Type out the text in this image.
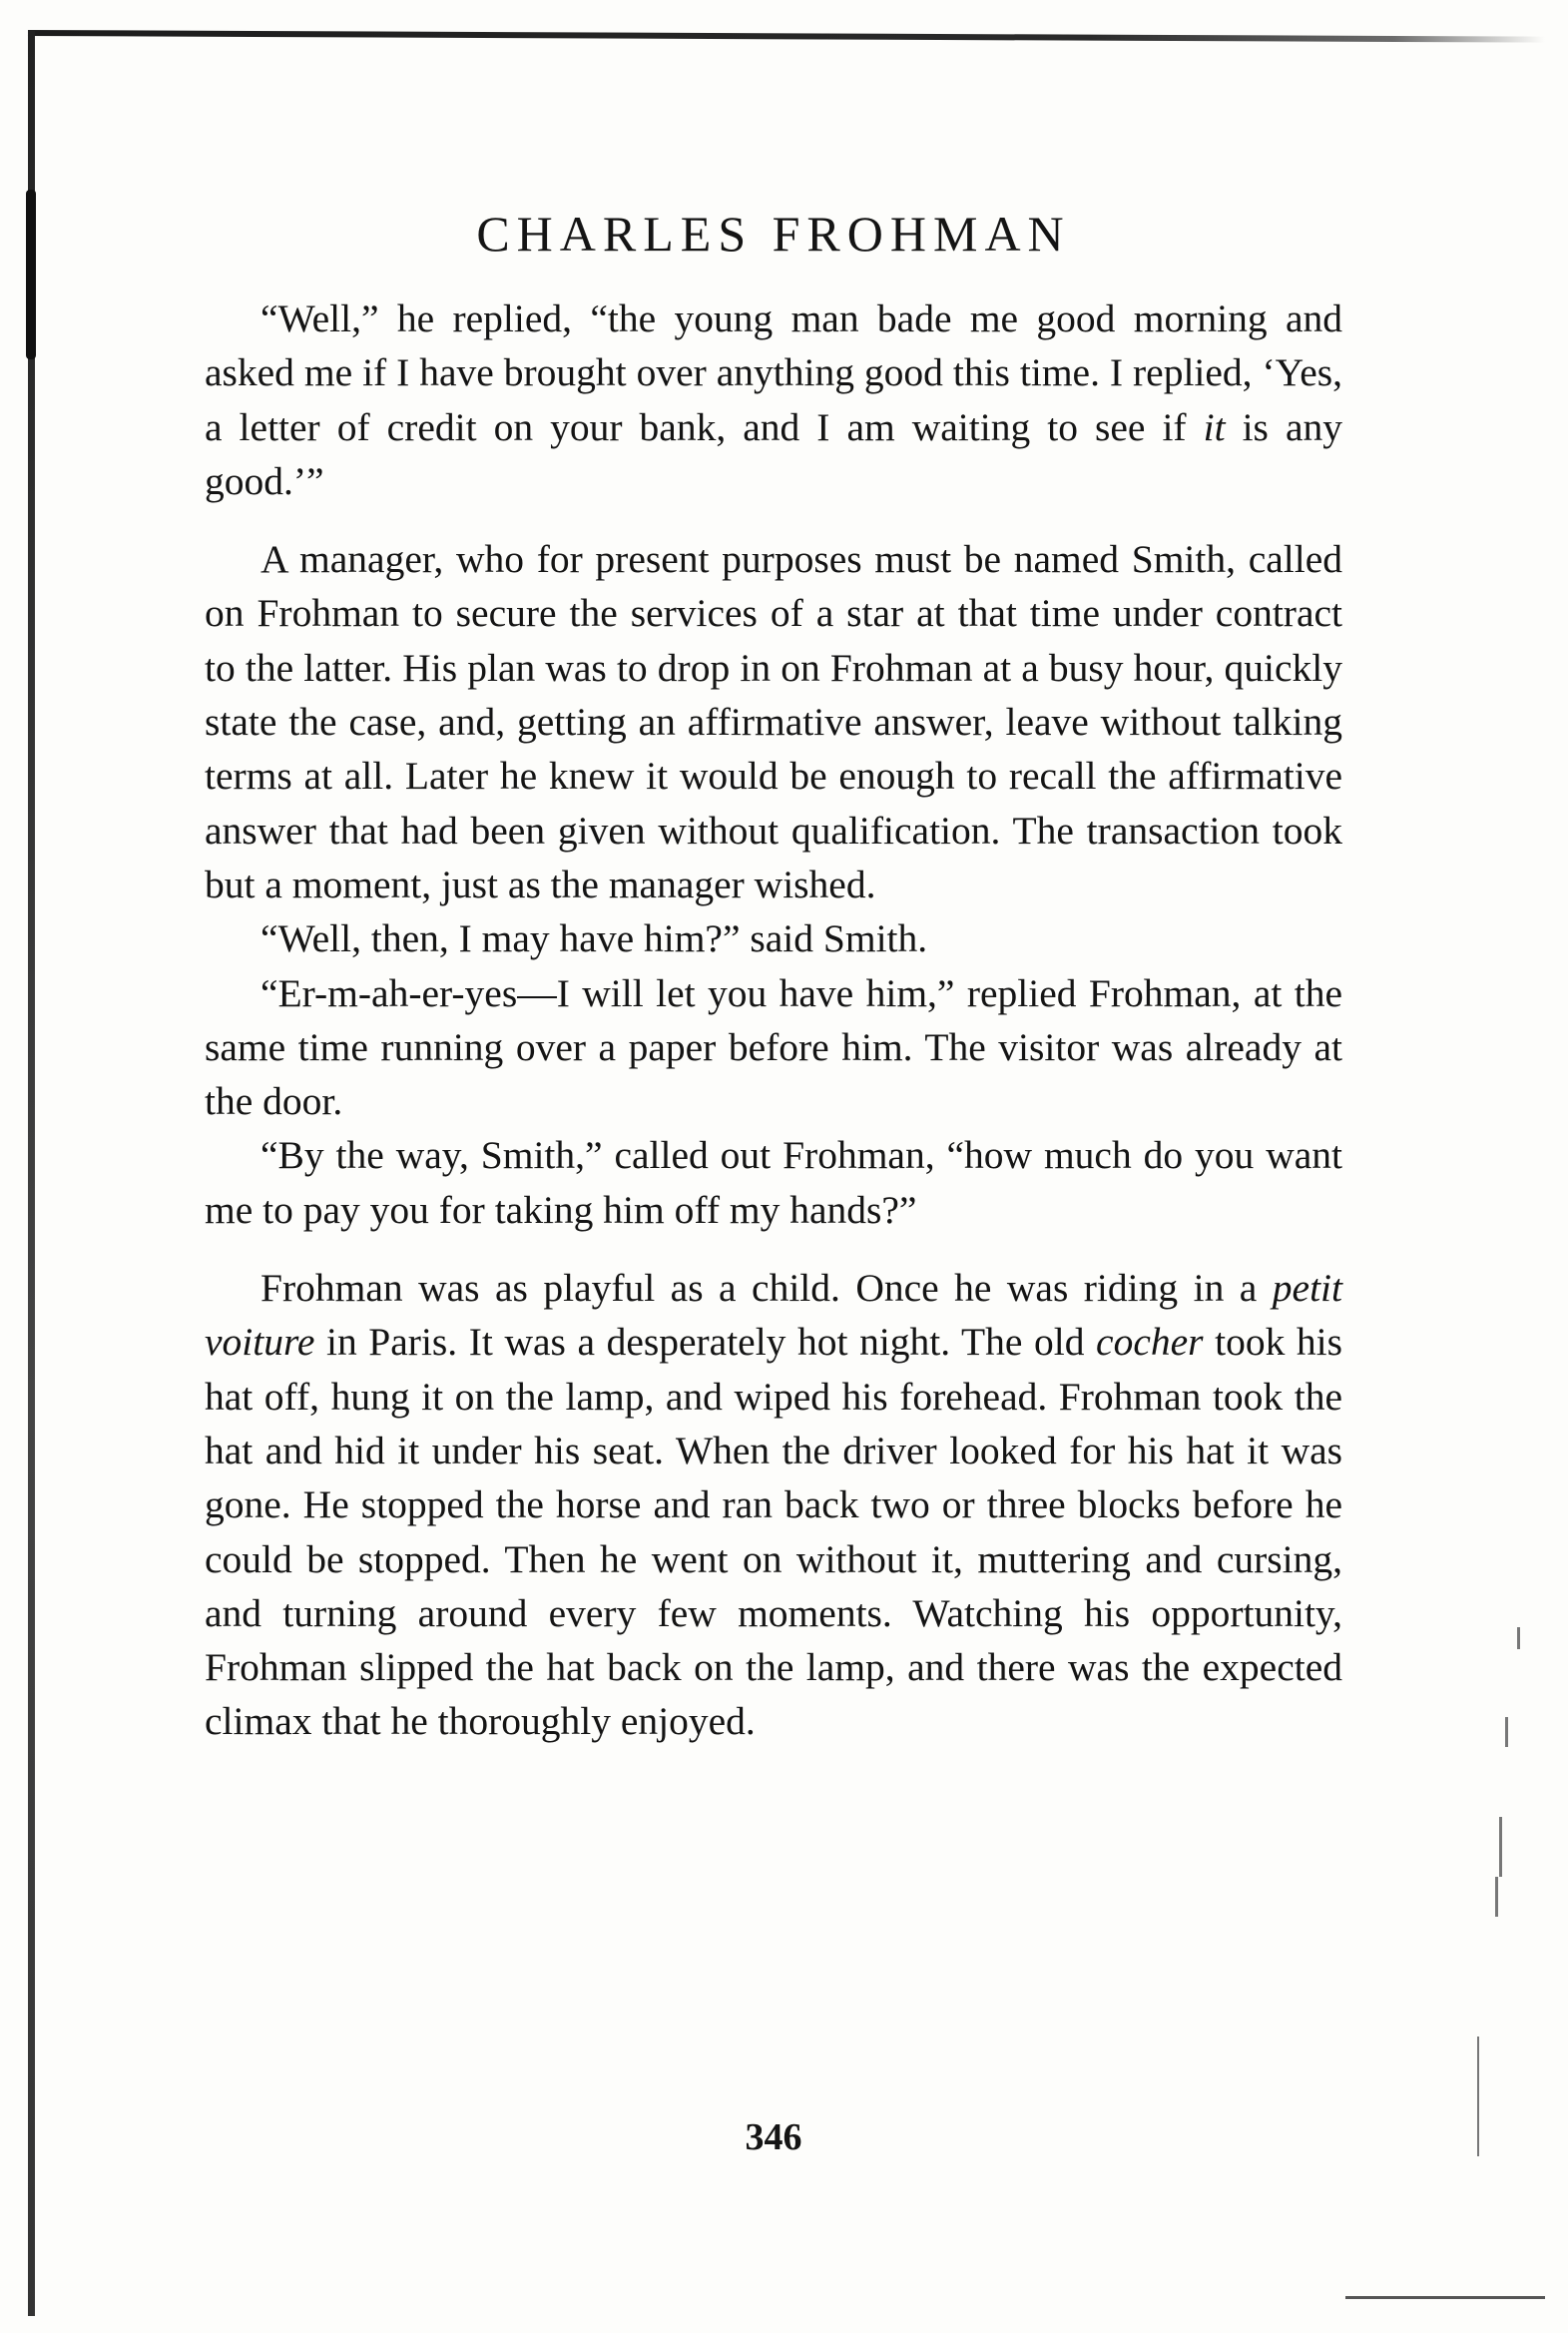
CHARLES FROHMAN

“Well,” he replied, “the young man bade me good morning and asked me if I have brought over anything good this time. I replied, ‘Yes, a letter of credit on your bank, and I am waiting to see if it is any good.’”

A manager, who for present purposes must be named Smith, called on Frohman to secure the services of a star at that time under contract to the latter. His plan was to drop in on Frohman at a busy hour, quickly state the case, and, getting an affirmative answer, leave without talking terms at all. Later he knew it would be enough to recall the affirmative answer that had been given without qualification. The transaction took but a moment, just as the manager wished.

“Well, then, I may have him?” said Smith.

“Er-m-ah-er-yes—I will let you have him,” replied Frohman, at the same time running over a paper before him. The visitor was already at the door.

“By the way, Smith,” called out Frohman, “how much do you want me to pay you for taking him off my hands?”

Frohman was as playful as a child. Once he was riding in a petit voiture in Paris. It was a desperately hot night. The old cocher took his hat off, hung it on the lamp, and wiped his forehead. Frohman took the hat and hid it under his seat. When the driver looked for his hat it was gone. He stopped the horse and ran back two or three blocks before he could be stopped. Then he went on without it, muttering and cursing, and turning around every few moments. Watching his opportunity, Frohman slipped the hat back on the lamp, and there was the expected climax that he thoroughly enjoyed.

346
